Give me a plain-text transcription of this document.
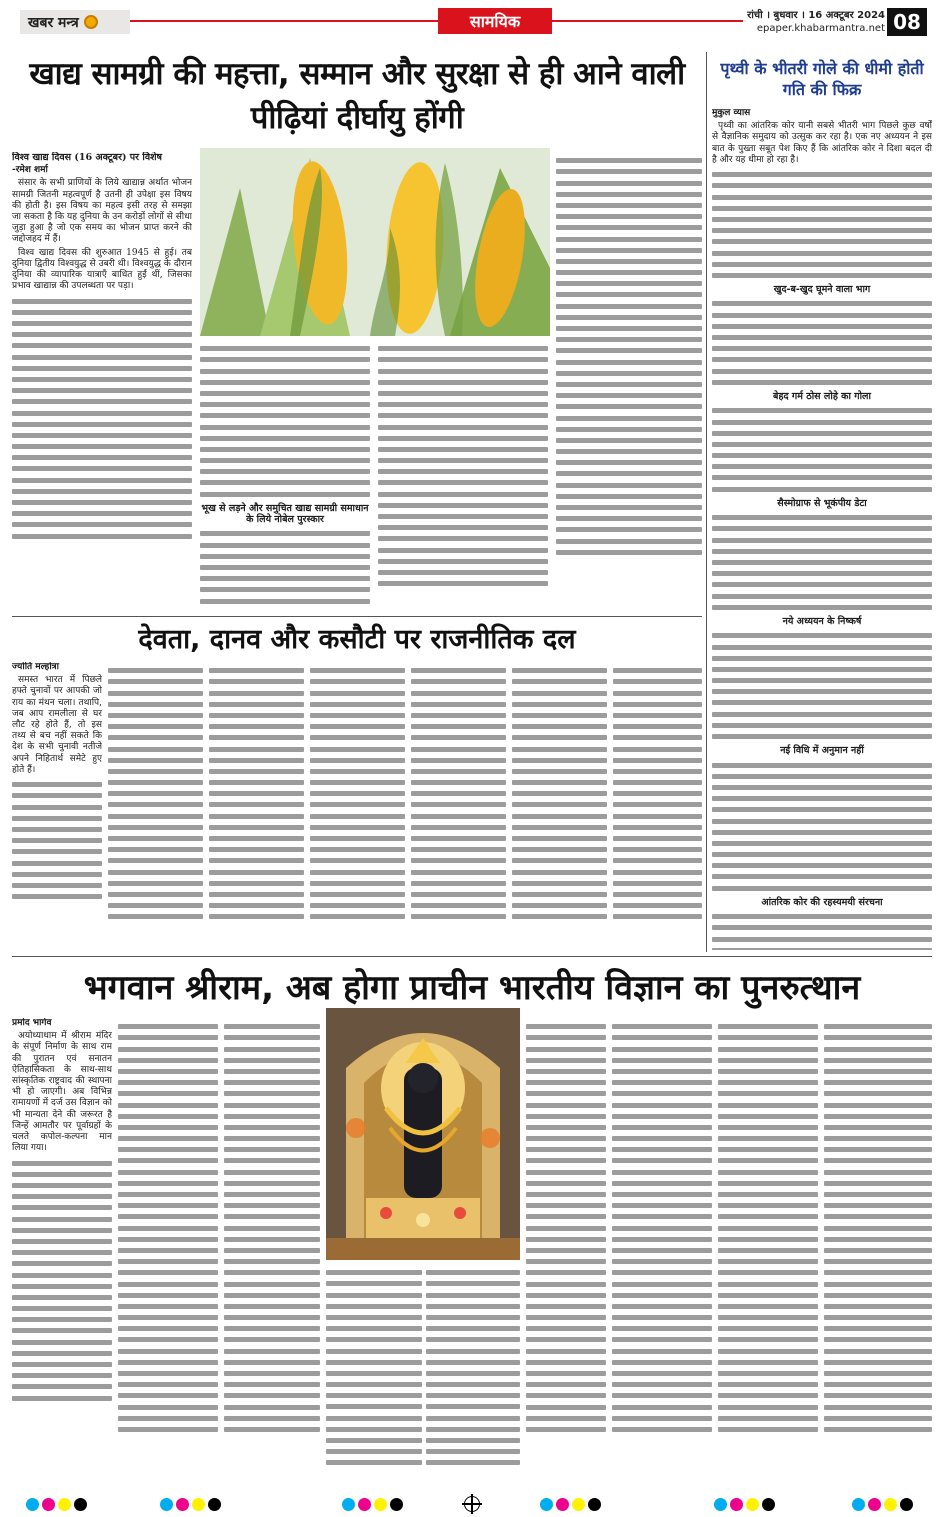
खबर मन्त्र	सामयिक	रांची । बुधवार । 16 अक्टूबर 2024
epaper.khabarmantra.net 08
खाद्य सामग्री की महत्ता, सम्मान और सुरक्षा से ही आने वाली पीढ़ियां दीर्घायु होंगी
विश्व खाद्य दिवस (16 अक्टूबर) पर विशेष
-रमेश शर्मा

संसार के सभी प्राणियों के लिये खाद्यान्न अर्थात भोजन सामग्री जितनी महत्वपूर्ण है उतनी ही उपेक्षा इस विषय की होती है। इस विषय का महत्व इसी तरह से समझा जा सकता है कि यह दुनिया के उन करोड़ों लोगों से सीधा जुड़ा हुआ है जो एक समय का भोजन प्राप्त करने की जद्दोजहद में हैं।

विश्व खाद्य दिवस की शुरुआत 1945 से हुई। तब दुनिया द्वितीय विश्वयुद्ध से उबरी थी। विश्वयुद्ध के दौरान दुनिया की व्यापारिक यात्राएँ बाधित हुईं थीं, जिसका प्रभाव खाद्यान्न की उपलब्धता पर पड़ा।

भूख से लड़ने और समुचित खाद्य सामग्री समाधान के लिये नोबेल पुरस्कार
पृथ्वी के भीतरी गोले की धीमी होती गति की फिक्र
मुकुल व्यास

पृथ्वी का आंतरिक कोर यानी सबसे भीतरी भाग पिछले कुछ वर्षों से वैज्ञानिक समुदाय को उत्सुक कर रहा है। एक नए अध्ययन ने इस बात के पुख्ता सबूत पेश किए हैं कि आंतरिक कोर ने दिशा बदल दी है और यह धीमा हो रहा है।

खुद-ब-खुद घूमने वाला भाग
बेहद गर्म ठोस लोहे का गोला
सैस्मोग्राफ से भूकंपीय डेटा
नये अध्ययन के निष्कर्ष
नई विधि में अनुमान नहीं
आंतरिक कोर की रहस्यमयी संरचना
देवता, दानव और कसौटी पर राजनीतिक दल
ज्योति मल्होत्रा

समस्त भारत में पिछले हफ्ते चुनावों पर आपकी जो राय का मंथन चला। तथापि, जब आप रामलीला से घर लौट रहे होते हैं, तो इस तथ्य से बच नहीं सकते कि देश के सभी चुनावी नतीजे अपने निहितार्थ समेटे हुए होते हैं।

भगवान श्रीराम, अब होगा प्राचीन भारतीय विज्ञान का पुनरुत्थान
प्रमोद भार्गव

अयोध्याधाम में श्रीराम मंदिर के संपूर्ण निर्माण के साथ राम की पुरातन एवं सनातन ऐतिहासिकता के साथ-साथ सांस्कृतिक राष्ट्रवाद की स्थापना भी हो जाएगी। अब विभिन्न रामायणों में दर्ज उस विज्ञान को भी मान्यता देने की जरूरत है जिन्हें आमतौर पर पूर्वाग्रहों के चलते कपोल-कल्पना मान लिया गया।
